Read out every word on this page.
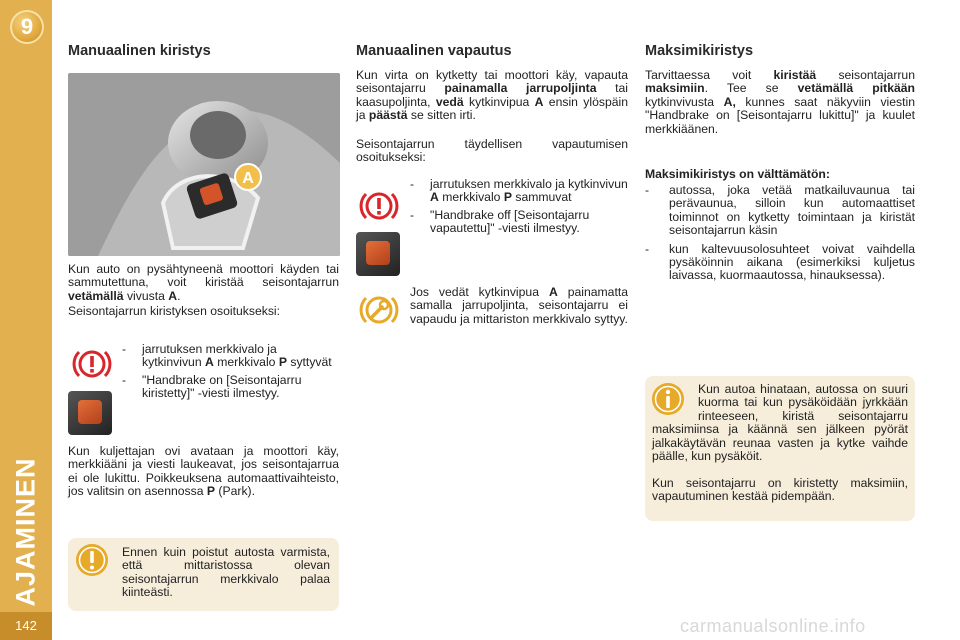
9
AJAMINEN
142
Manuaalinen kiristys
A

Kun auto on pysähtyneenä moottori käyden tai sammutettuna, voit kiristää seisontajarrun vetämällä vivusta A.

Seisontajarrun kiristyksen osoitukseksi:

- jarrutuksen merkkivalo ja kytkinvivun A merkkivalo P syttyvät
- "Handbrake on [Seisontajarru kiristetty]" -viesti ilmestyy.

Kun kuljettajan ovi avataan ja moottori käy, merkkiääni ja viesti laukeavat, jos seisontajarrua ei ole lukittu. Poikkeuksena automaattivaihteisto, jos valitsin on asennossa P (Park).

Ennen kuin poistut autosta varmista, että mittaristossa olevan seisontajarrun merkkivalo palaa kiinteästi.

Manuaalinen vapautus

Kun virta on kytketty tai moottori käy, vapauta seisontajarru painamalla jarrupoljinta tai kaasupoljinta, vedä kytkinvipua A ensin ylöspäin ja päästä se sitten irti.

Seisontajarrun täydellisen vapautumisen osoitukseksi:

- jarrutuksen merkkivalo ja kytkinvivun A merkkivalo P sammuvat
- "Handbrake off [Seisontajarru vapautettu]" -viesti ilmestyy.

Jos vedät kytkinvipua A painamatta samalla jarrupoljinta, seisontajarru ei vapaudu ja mittariston merkkivalo syttyy.

Maksimikiristys

Tarvittaessa voit kiristää seisontajarrun maksimiin. Tee se vetämällä pitkään kytkinvivusta A, kunnes saat näkyviin viestin "Handbrake on [Seisontajarru lukittu]" ja kuulet merkkiäänen.

Maksimikiristys on välttämätön:

- autossa, joka vetää matkailuvaunua tai perävaunua, silloin kun automaattiset toiminnot on kytketty toimintaan ja kiristät seisontajarrun käsin
- kun kaltevuusolosuhteet voivat vaihdella pysäköinnin aikana (esimerkiksi kuljetus laivassa, kuormaautossa, hinauksessa).

Kun autoa hinataan, autossa on suuri kuorma tai kun pysäköidään jyrkkään rinteeseen, kiristä seisontajarru maksimiinsa ja käännä sen jälkeen pyörät jalkakäytävän reunaa vasten ja kytke vaihde päälle, kun pysäköit.

Kun seisontajarru on kiristetty maksimiin, vapautuminen kestää pidempään.

carmanualsonline.info
